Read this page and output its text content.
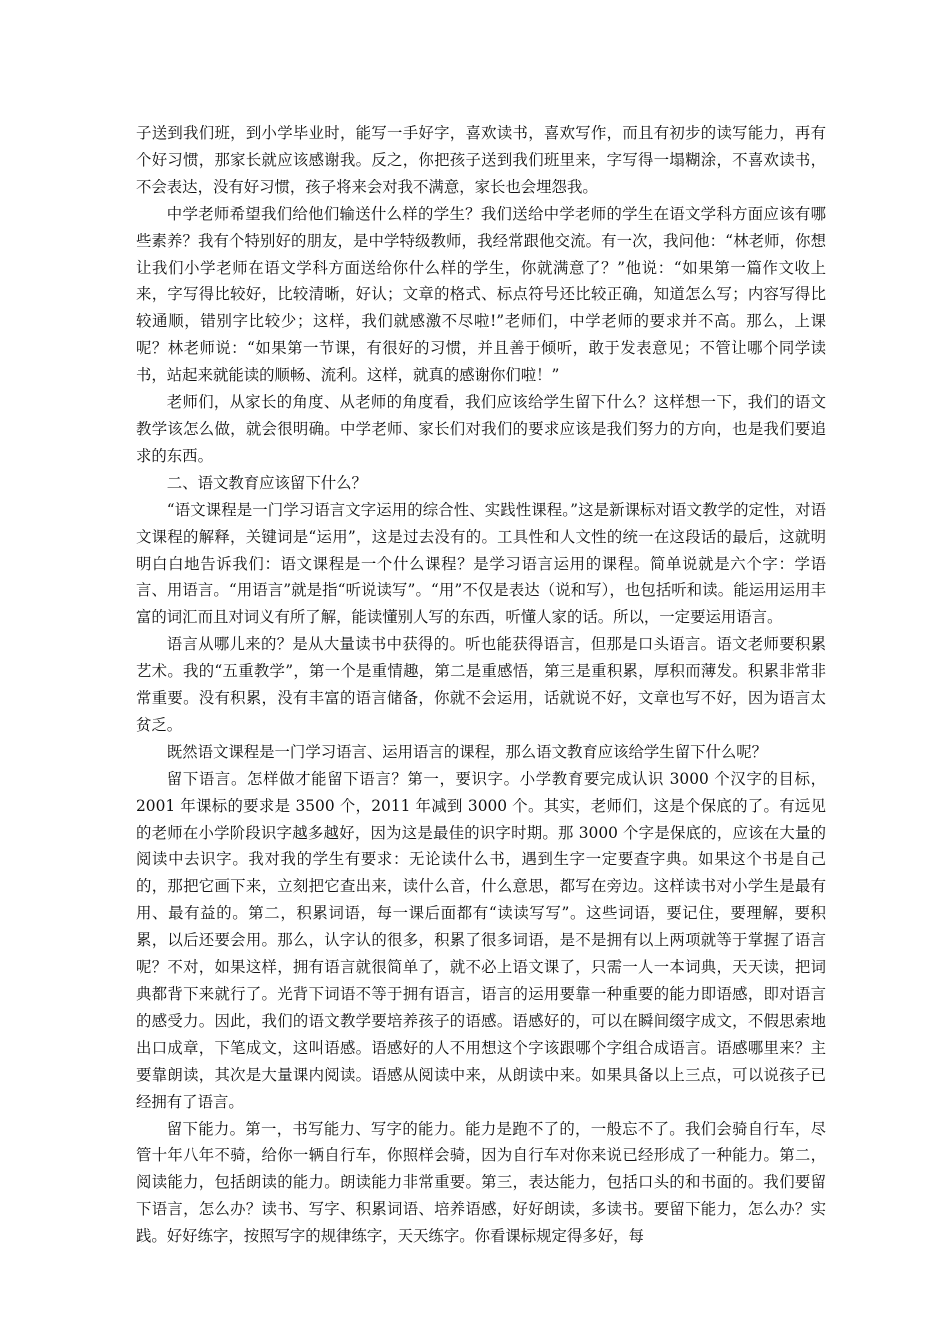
子送到我们班，到小学毕业时，能写一手好字，喜欢读书，喜欢写作，而且有初步的读写能力，再有个好习惯，那家长就应该感谢我。反之，你把孩子送到我们班里来，字写得一塌糊涂，不喜欢读书，不会表达，没有好习惯，孩子将来会对我不满意，家长也会埋怨我。

中学老师希望我们给他们输送什么样的学生？我们送给中学老师的学生在语文学科方面应该有哪些素养？我有个特别好的朋友，是中学特级教师，我经常跟他交流。有一次，我问他：“林老师，你想让我们小学老师在语文学科方面送给你什么样的学生，你就满意了？”他说：“如果第一篇作文收上来，字写得比较好，比较清晰，好认；文章的格式、标点符号还比较正确，知道怎么写；内容写得比较通顺，错别字比较少；这样，我们就感激不尽啦!”老师们，中学老师的要求并不高。那么，上课呢？林老师说：“如果第一节课，有很好的习惯，并且善于倾听，敢于发表意见；不管让哪个同学读书，站起来就能读的顺畅、流利。这样，就真的感谢你们啦！”

老师们，从家长的角度、从老师的角度看，我们应该给学生留下什么？这样想一下，我们的语文教学该怎么做，就会很明确。中学老师、家长们对我们的要求应该是我们努力的方向，也是我们要追求的东西。

二、语文教育应该留下什么？

“语文课程是一门学习语言文字运用的综合性、实践性课程。”这是新课标对语文教学的定性，对语文课程的解释，关键词是“运用”，这是过去没有的。工具性和人文性的统一在这段话的最后，这就明明白白地告诉我们：语文课程是一个什么课程？是学习语言运用的课程。简单说就是六个字：学语言、用语言。“用语言”就是指“听说读写”。“用”不仅是表达（说和写），也包括听和读。能运用运用丰富的词汇而且对词义有所了解，能读懂别人写的东西，听懂人家的话。所以，一定要运用语言。

语言从哪儿来的？是从大量读书中获得的。听也能获得语言，但那是口头语言。语文老师要积累艺术。我的“五重教学”，第一个是重情趣，第二是重感悟，第三是重积累，厚积而薄发。积累非常非常重要。没有积累，没有丰富的语言储备，你就不会运用，话就说不好，文章也写不好，因为语言太贫乏。

既然语文课程是一门学习语言、运用语言的课程，那么语文教育应该给学生留下什么呢？

留下语言。怎样做才能留下语言？第一，要识字。小学教育要完成认识 3000 个汉字的目标，2001 年课标的要求是 3500 个，2011 年减到 3000 个。其实，老师们，这是个保底的了。有远见的老师在小学阶段识字越多越好，因为这是最佳的识字时期。那 3000 个字是保底的，应该在大量的阅读中去识字。我对我的学生有要求：无论读什么书，遇到生字一定要查字典。如果这个书是自己的，那把它画下来，立刻把它查出来，读什么音，什么意思，都写在旁边。这样读书对小学生是最有用、最有益的。第二，积累词语，每一课后面都有“读读写写”。这些词语，要记住，要理解，要积累，以后还要会用。那么，认字认的很多，积累了很多词语，是不是拥有以上两项就等于掌握了语言呢？不对，如果这样，拥有语言就很简单了，就不必上语文课了，只需一人一本词典，天天读，把词典都背下来就行了。光背下词语不等于拥有语言，语言的运用要靠一种重要的能力即语感，即对语言的感受力。因此，我们的语文教学要培养孩子的语感。语感好的，可以在瞬间缀字成文，不假思索地出口成章，下笔成文，这叫语感。语感好的人不用想这个字该跟哪个字组合成语言。语感哪里来？主要靠朗读，其次是大量课内阅读。语感从阅读中来，从朗读中来。如果具备以上三点，可以说孩子已经拥有了语言。

留下能力。第一，书写能力、写字的能力。能力是跑不了的，一般忘不了。我们会骑自行车，尽管十年八年不骑，给你一辆自行车，你照样会骑，因为自行车对你来说已经形成了一种能力。第二，阅读能力，包括朗读的能力。朗读能力非常重要。第三，表达能力，包括口头的和书面的。我们要留下语言，怎么办？读书、写字、积累词语、培养语感，好好朗读，多读书。要留下能力，怎么办？实践。好好练字，按照写字的规律练字，天天练字。你看课标规定得多好，每
